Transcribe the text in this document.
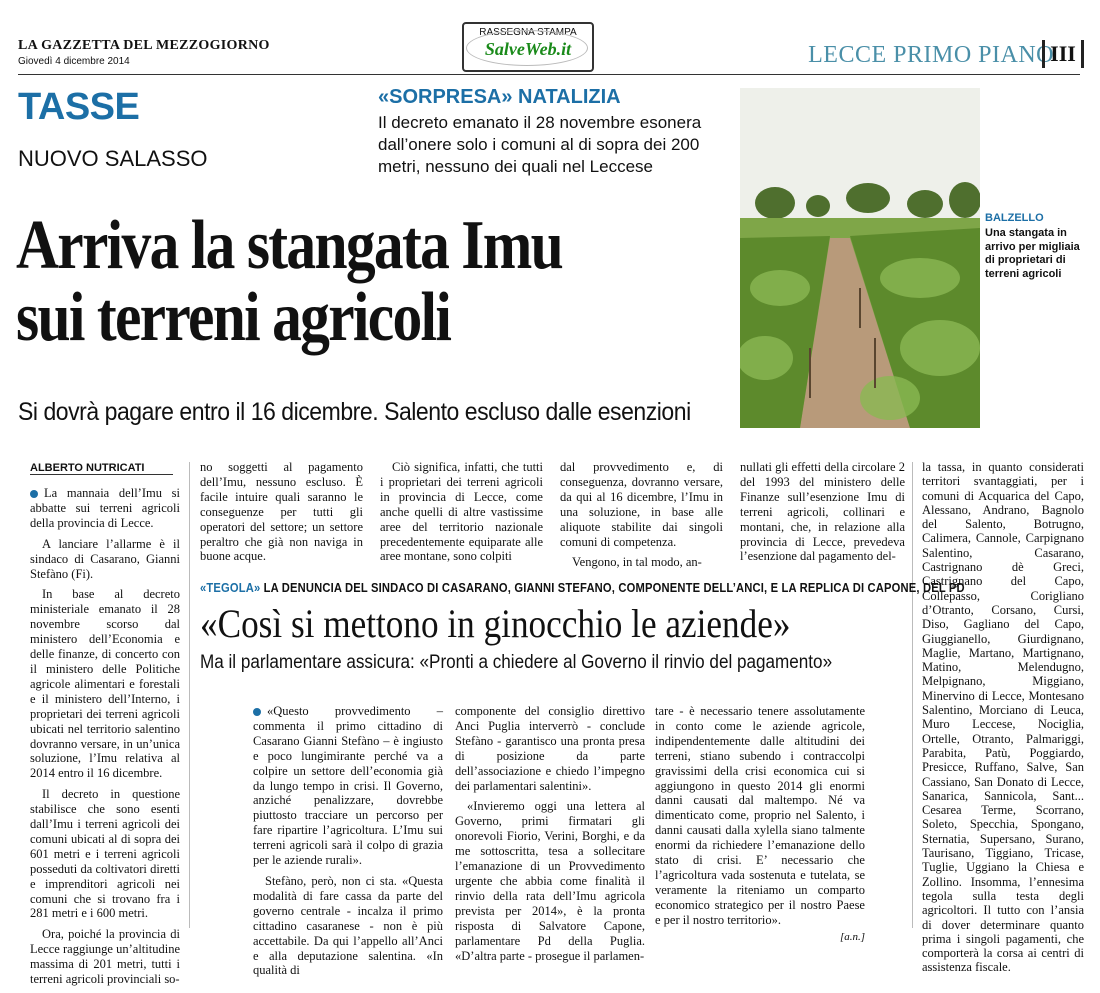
LA GAZZETTA DEL MEZZOGIORNO
Giovedì 4 dicembre 2014
RASSEGNA STAMPA
SalveWeb.it	LECCE PRIMO PIANO
III
TASSE
NUOVO SALASSO
«SORPRESA» NATALIZIA
Il decreto emanato il 28 novembre esonera dall’onere solo i comuni al di sopra dei 200 metri, nessuno dei quali nel Leccese
Arriva la stangata Imu
sui terreni agricoli
Si dovrà pagare entro il 16 dicembre. Salento escluso dalle esenzioni
BALZELLO
Una stangata in arrivo per migliaia di proprietari di terreni agricoli
ALBERTO NUTRICATI

La mannaia dell’Imu si abbatte sui terreni agricoli della provincia di Lecce.

A lanciare l’allarme è il sindaco di Casarano, Gianni Stefàno (Fi).

In base al decreto ministeriale emanato il 28 novembre scorso dal ministero dell’Economia e delle finanze, di concerto con il ministero delle Politiche agricole alimentari e forestali e il ministero dell’Interno, i proprietari dei terreni agricoli ubicati nel territorio salentino dovranno versare, in un’unica soluzione, l’Imu relativa al 2014 entro il 16 dicembre.

Il decreto in questione stabilisce che sono esenti dall’Imu i terreni agricoli dei comuni ubicati al di sopra dei 601 metri e i terreni agricoli posseduti da coltivatori diretti e imprenditori agricoli nei comuni che si trovano fra i 281 metri e i 600 metri.

Ora, poiché la provincia di Lecce raggiunge un’altitudine massima di 201 metri, tutti i terreni agricoli provinciali so-

no soggetti al pagamento dell’Imu, nessuno escluso. È facile intuire quali saranno le conseguenze per tutti gli operatori del settore; un settore peraltro che già non naviga in buone acque.

Ciò significa, infatti, che tutti i proprietari dei terreni agricoli in provincia di Lecce, come anche quelli di altre vastissime aree del territorio nazionale precedentemente equiparate alle aree montane, sono colpiti

dal provvedimento e, di conseguenza, dovranno versare, da qui al 16 dicembre, l’Imu in una soluzione, in base alle aliquote stabilite dai singoli comuni di competenza.

Vengono, in tal modo, an-

nullati gli effetti della circolare 2 del 1993 del ministero delle Finanze sull’esenzione Imu di terreni agricoli, collinari e montani, che, in relazione alla provincia di Lecce, prevedeva l’esenzione dal pagamento del-

la tassa, in quanto considerati territori svantaggiati, per i comuni di Acquarica del Capo, Alessano, Andrano, Bagnolo del Salento, Botrugno, Calimera, Cannole, Carpignano Salentino, Casarano, Castrignano dè Greci, Castrignano del Capo, Collepasso, Corigliano d’Otranto, Corsano, Cursi, Diso, Gagliano del Capo, Giuggianello, Giurdignano, Maglie, Martano, Martignano, Matino, Melendugno, Melpignano, Miggiano, Minervino di Lecce, Montesano Salentino, Morciano di Leuca, Muro Leccese, Nociglia, Ortelle, Otranto, Palmariggi, Parabita, Patù, Poggiardo, Presicce, Ruffano, Salve, San Cassiano, San Donato di Lecce, Sanarica, Sannicola, Sant... Cesarea Terme, Scorrano, Soleto, Specchia, Spongano, Sternatia, Supersano, Surano, Taurisano, Tiggiano, Tricase, Tuglie, Uggiano la Chiesa e Zollino. Insomma, l’ennesima tegola sulla testa degli agricoltori. Il tutto con l’ansia di dover determinare quanto prima i singoli pagamenti, che comporterà la corsa ai centri di assistenza fiscale.

«TEGOLA» LA DENUNCIA DEL SINDACO DI CASARANO, GIANNI STEFANO, COMPONENTE DELL’ANCI, E LA REPLICA DI CAPONE, DEL PD
«Così si mettono in ginocchio le aziende»
Ma il parlamentare assicura: «Pronti a chiedere al Governo il rinvio del pagamento»

«Questo provvedimento – commenta il primo cittadino di Casarano Gianni Stefàno – è ingiusto e poco lungimirante perché va a colpire un settore dell’economia già da lungo tempo in crisi. Il Governo, anziché penalizzare, dovrebbe piuttosto tracciare un percorso per fare ripartire l’agricoltura. L’Imu sui terreni agricoli sarà il colpo di grazia per le aziende rurali».

Stefàno, però, non ci sta. «Questa modalità di fare cassa da parte del governo centrale - incalza il primo cittadino casaranese - non è più accettabile. Da qui l’appello all’Anci e alla deputazione salentina. «In qualità di

componente del consiglio direttivo Anci Puglia interverrò - conclude Stefàno - garantisco una pronta presa di posizione da parte dell’associazione e chiedo l’impegno dei parlamentari salentini».

«Invieremo oggi una lettera al Governo, primi firmatari gli onorevoli Fiorio, Verini, Borghi, e da me sottoscritta, tesa a sollecitare l’emanazione di un Provvedimento urgente che abbia come finalità il rinvio della rata dell’Imu agricola prevista per 2014», è la pronta risposta di Salvatore Capone, parlamentare Pd della Puglia. «D’altra parte - prosegue il parlamen-

tare - è necessario tenere assolutamente in conto come le aziende agricole, indipendentemente dalle altitudini dei terreni, stiano subendo i contraccolpi gravissimi della crisi economica cui si aggiungono in questo 2014 gli enormi danni causati dal maltempo. Né va dimenticato come, proprio nel Salento, i danni causati dalla xylella siano talmente enormi da richiedere l’emanazione dello stato di crisi. E’ necessario che l’agricoltura vada sostenuta e tutelata, se veramente la riteniamo un comparto economico strategico per il nostro Paese e per il nostro territorio».

[a.n.]
